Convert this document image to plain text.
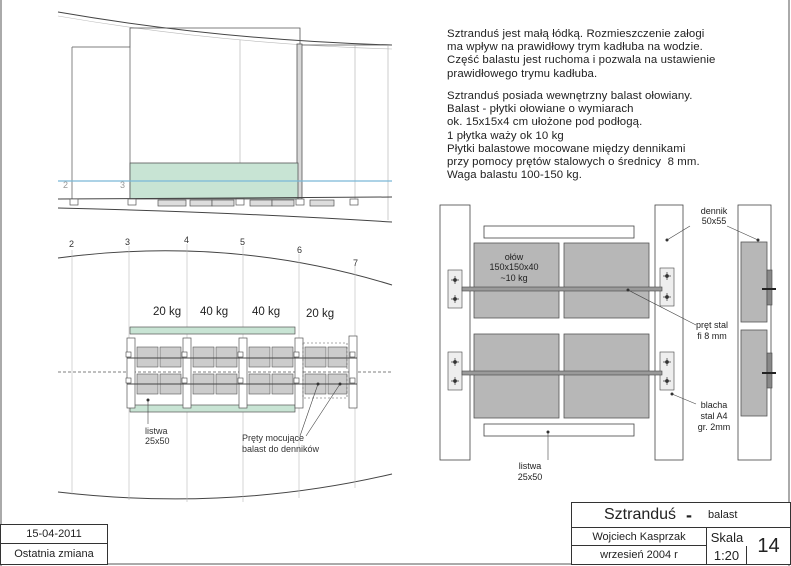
2	3
2	3	4	5
6
7
20 kg 40 kg 40 kg 20 kg
listwa
25x50	Pręty mocujące
balast do denników
ołów
150x150x40
~10 kg
dennik
50x55
pręt stal
fi 8 mm
blacha
stal A4
gr. 2mm
listwa
25x50

Sztranduś jest małą łódką. Rozmieszczenie załogi

ma wpływ na prawidłowy trym kadłuba na wodzie.

Część balastu jest ruchoma i pozwala na ustawienie

prawidłowego trymu kadłuba.

Sztranduś posiada wewnętrzny balast ołowiany.

Balast - płytki ołowiane o wymiarach

ok. 15x15x4 cm ułożone pod podłogą.

1 płytka waży ok 10 kg

Płytki balastowe mocowane między dennikami

przy pomocy prętów stalowych o średnicy  8 mm.

Waga balastu 100-150 kg.

15-04-2011
Ostatnia zmiana
Sztranduś - balast
Wojciech Kasprzak
wrzesień 2004 r
Skala
1:20 14
